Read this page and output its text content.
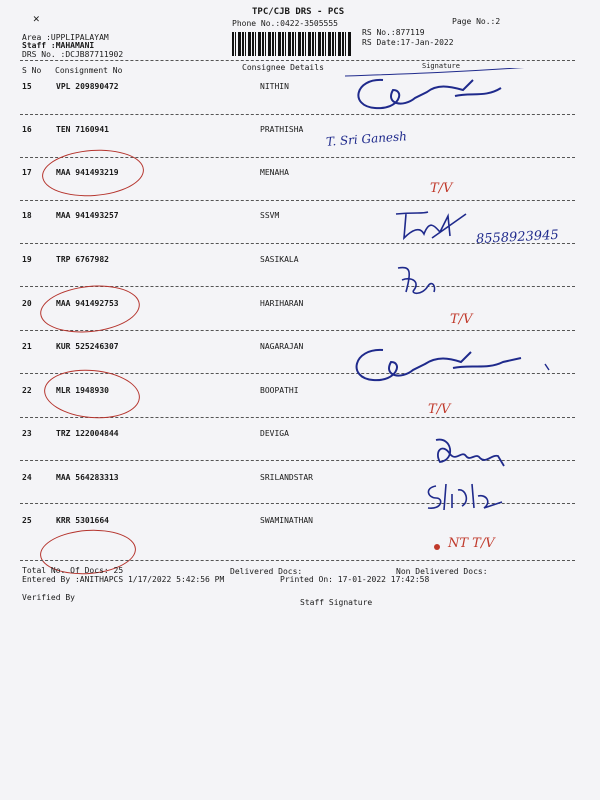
✕	TPC/CJB DRS - PCS
Phone No.:0422-3505555	Page No.:2
RS No.:877119
RS Date:17-Jan-2022
Area :UPPLIPALAYAM
Staff :MAHAMANI
DRS No. :DCJB87711902
S No Consignment No	Consignee Details	Signature
15	VPL 209890472	NITHIN
16	TEN 7160941	PRATHISHA
17	MAA 941493219	MENAHA
18	MAA 941493257	SSVM
19	TRP 6767982	SASIKALA
20	MAA 941492753	HARIHARAN
21	KUR 525246307	NAGARAJAN
22	MLR 1948930	BOOPATHI
23	TRZ 122004844	DEVIGA
24	MAA 564283313	SRILANDSTAR
25	KRR 5301664	SWAMINATHAN
T. Sri Ganesh
T/V
8558923945
T/V
T/V
NT T/V
Total No. Of Docs: 25	Delivered Docs:	Non Delivered Docs:
Entered By :ANITHAPCS 1/17/2022 5:42:56 PM	Printed On: 17-01-2022 17:42:58
Verified By
Staff Signature
